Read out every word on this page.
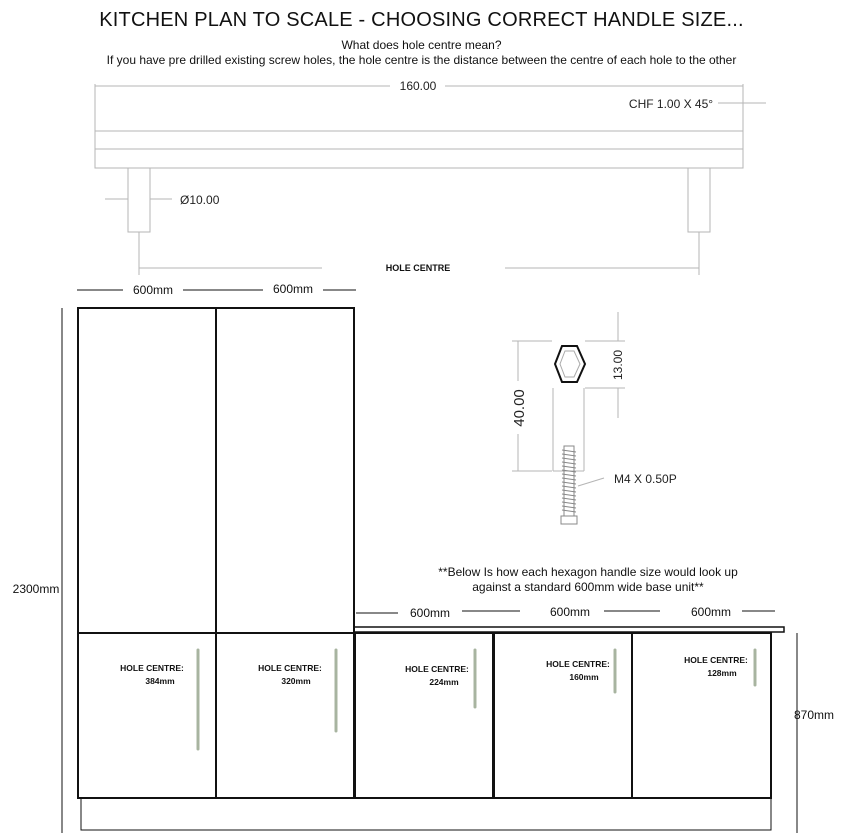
KITCHEN PLAN TO SCALE - CHOOSING CORRECT HANDLE SIZE...
What does hole centre mean?
If you have pre drilled existing screw holes, the hole centre is the distance between the centre of each hole to the other
160.00
CHF 1.00 X 45°
Ø10.00
HOLE CENTRE
40.00
13.00
M4 X 0.50P
600mm	600mm
2300mm
600mm	600mm	600mm
870mm
HOLE CENTRE:
384mm
HOLE CENTRE:
320mm
HOLE CENTRE:
224mm
HOLE CENTRE:
160mm
HOLE CENTRE:
128mm
**Below Is how each hexagon handle size would look up
against a standard 600mm wide base unit**
